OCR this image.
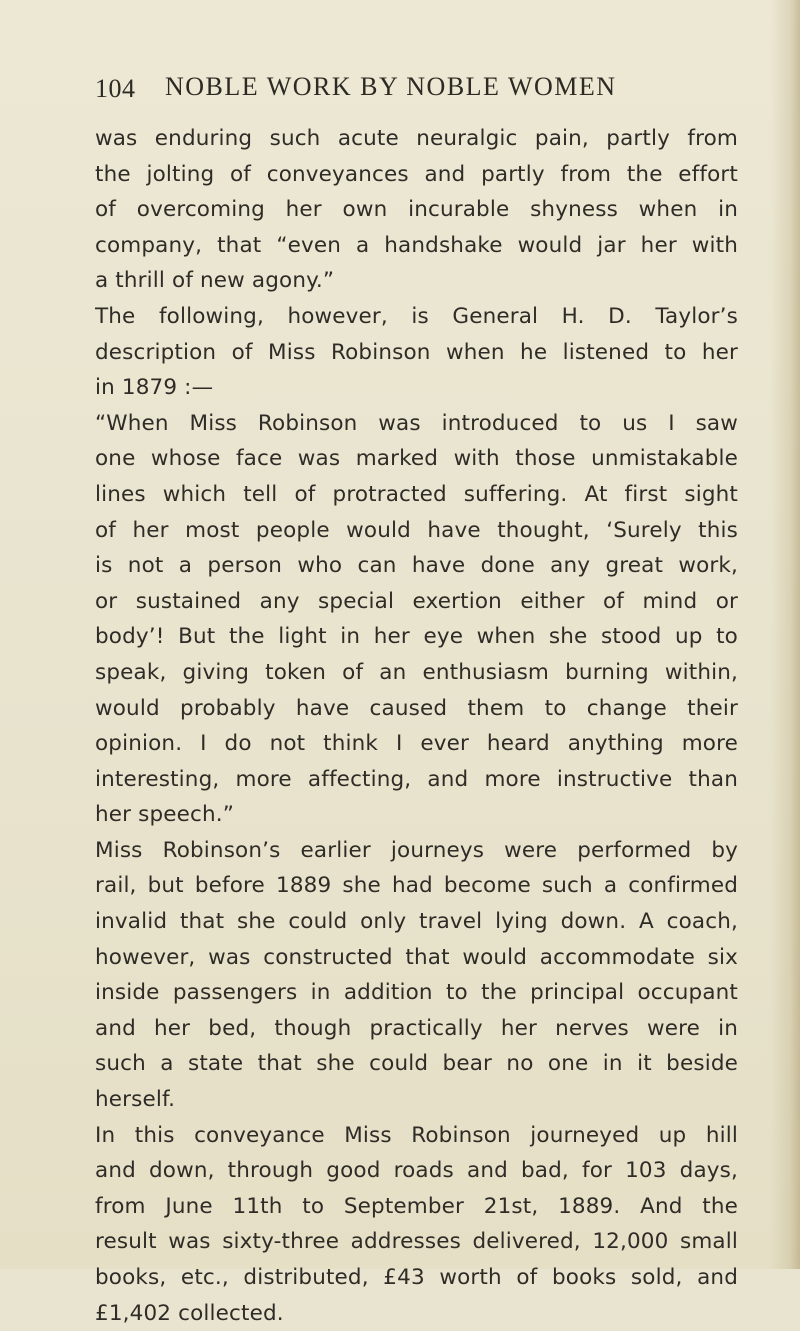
104 NOBLE WORK BY NOBLE WOMEN
was enduring such acute neuralgic pain, partly from
the jolting of conveyances and partly from the effort
of overcoming her own incurable shyness when in
company, that “even a handshake would jar her with
a thrill of new agony.”
The following, however, is General H. D. Taylor’s
description of Miss Robinson when he listened to her
in 1879 :—
“When Miss Robinson was introduced to us I saw
one whose face was marked with those unmistakable
lines which tell of protracted suffering. At first sight
of her most people would have thought, ‘Surely this
is not a person who can have done any great work,
or sustained any special exertion either of mind or
body’! But the light in her eye when she stood up to
speak, giving token of an enthusiasm burning within,
would probably have caused them to change their
opinion. I do not think I ever heard anything more
interesting, more affecting, and more instructive than
her speech.”
Miss Robinson’s earlier journeys were performed by
rail, but before 1889 she had become such a confirmed
invalid that she could only travel lying down. A coach,
however, was constructed that would accommodate six
inside passengers in addition to the principal occupant
and her bed, though practically her nerves were in
such a state that she could bear no one in it beside
herself.
In this conveyance Miss Robinson journeyed up hill
and down, through good roads and bad, for 103 days,
from June 11th to September 21st, 1889. And the
result was sixty-three addresses delivered, 12,000 small
books, etc., distributed, £43 worth of books sold, and
£1,402 collected.
